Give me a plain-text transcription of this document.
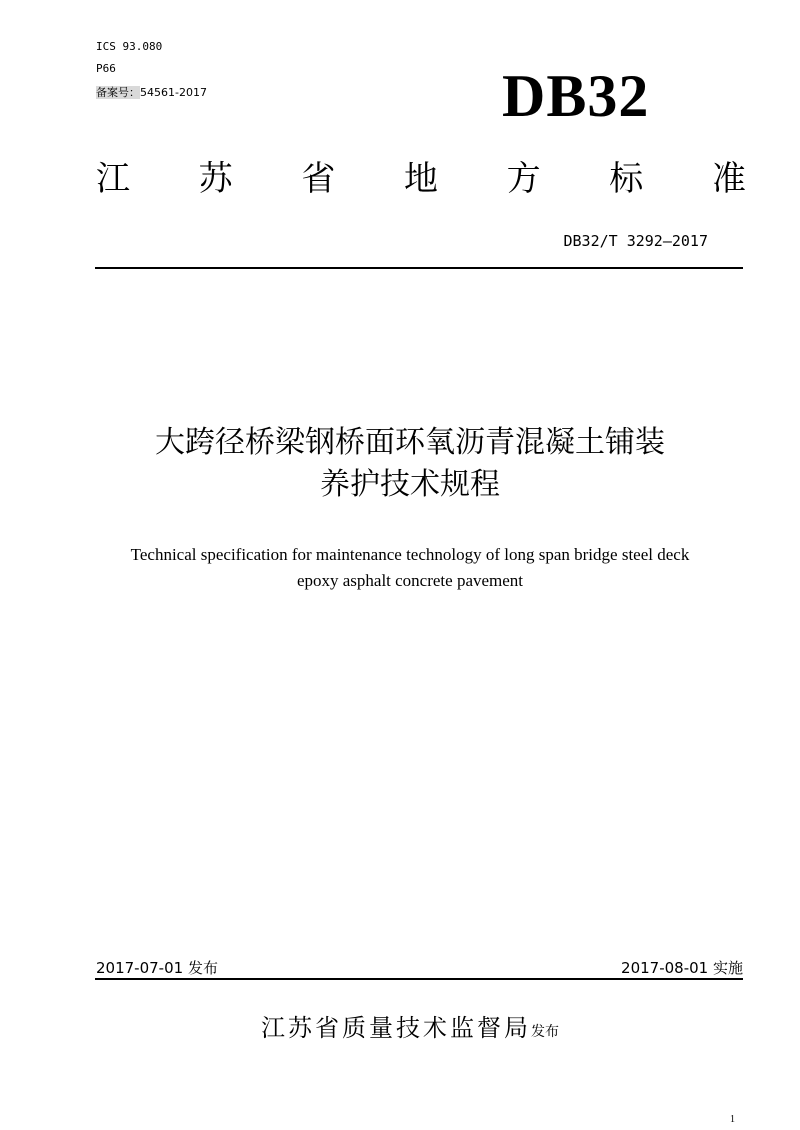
ICS 93.080
P66
备案号：54561-2017	DB32
江 苏 省 地 方 标 准
DB32/T 3292—2017
大跨径桥梁钢桥面环氧沥青混凝土铺装
养护技术规程
Technical specification for maintenance technology of long span bridge steel deck
epoxy asphalt concrete pavement
2017-07-01 发布	2017-08-01 实施
江苏省质量技术监督局发布
1
